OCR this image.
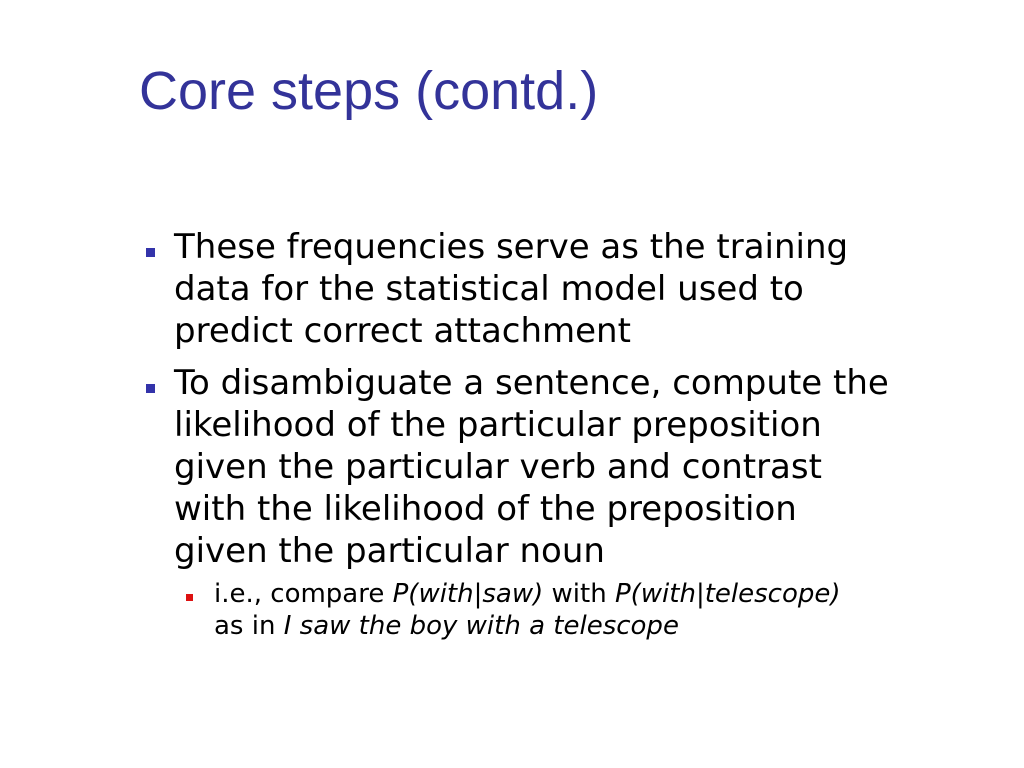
Core steps (contd.)
These frequencies serve as the training
data for the statistical model used to
predict correct attachment
To disambiguate a sentence, compute the
likelihood of the particular preposition
given the particular verb and contrast
with the likelihood of the preposition
given the particular noun
i.e., compare P(with|saw) with P(with|telescope)
as in I saw the boy with a telescope
